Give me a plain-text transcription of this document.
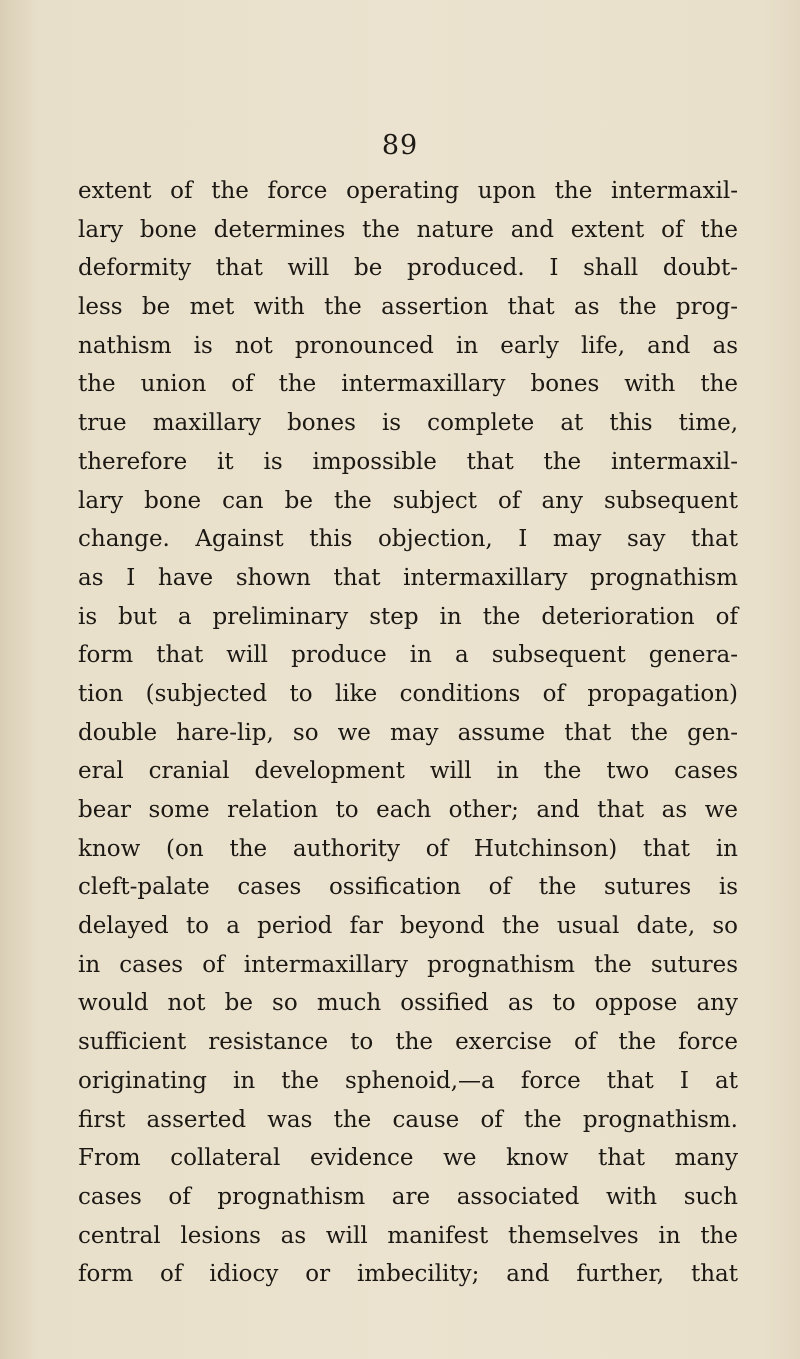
89
extent of the force operating upon the intermaxil-
lary bone determines the nature and extent of the
deformity that will be produced. I shall doubt-
less be met with the assertion that as the prog-
nathism is not pronounced in early life, and as
the union of the intermaxillary bones with the
true maxillary bones is complete at this time,
therefore it is impossible that the intermaxil-
lary bone can be the subject of any subsequent
change. Against this objection, I may say that
as I have shown that intermaxillary prognathism
is but a preliminary step in the deterioration of
form that will produce in a subsequent genera-
tion (subjected to like conditions of propagation)
double hare-lip, so we may assume that the gen-
eral cranial development will in the two cases
bear some relation to each other; and that as we
know (on the authority of Hutchinson) that in
cleft-palate cases ossification of the sutures is
delayed to a period far beyond the usual date, so
in cases of intermaxillary prognathism the sutures
would not be so much ossified as to oppose any
sufficient resistance to the exercise of the force
originating in the sphenoid,—a force that I at
first asserted was the cause of the prognathism.
From collateral evidence we know that many
cases of prognathism are associated with such
central lesions as will manifest themselves in the
form of idiocy or imbecility; and further, that
